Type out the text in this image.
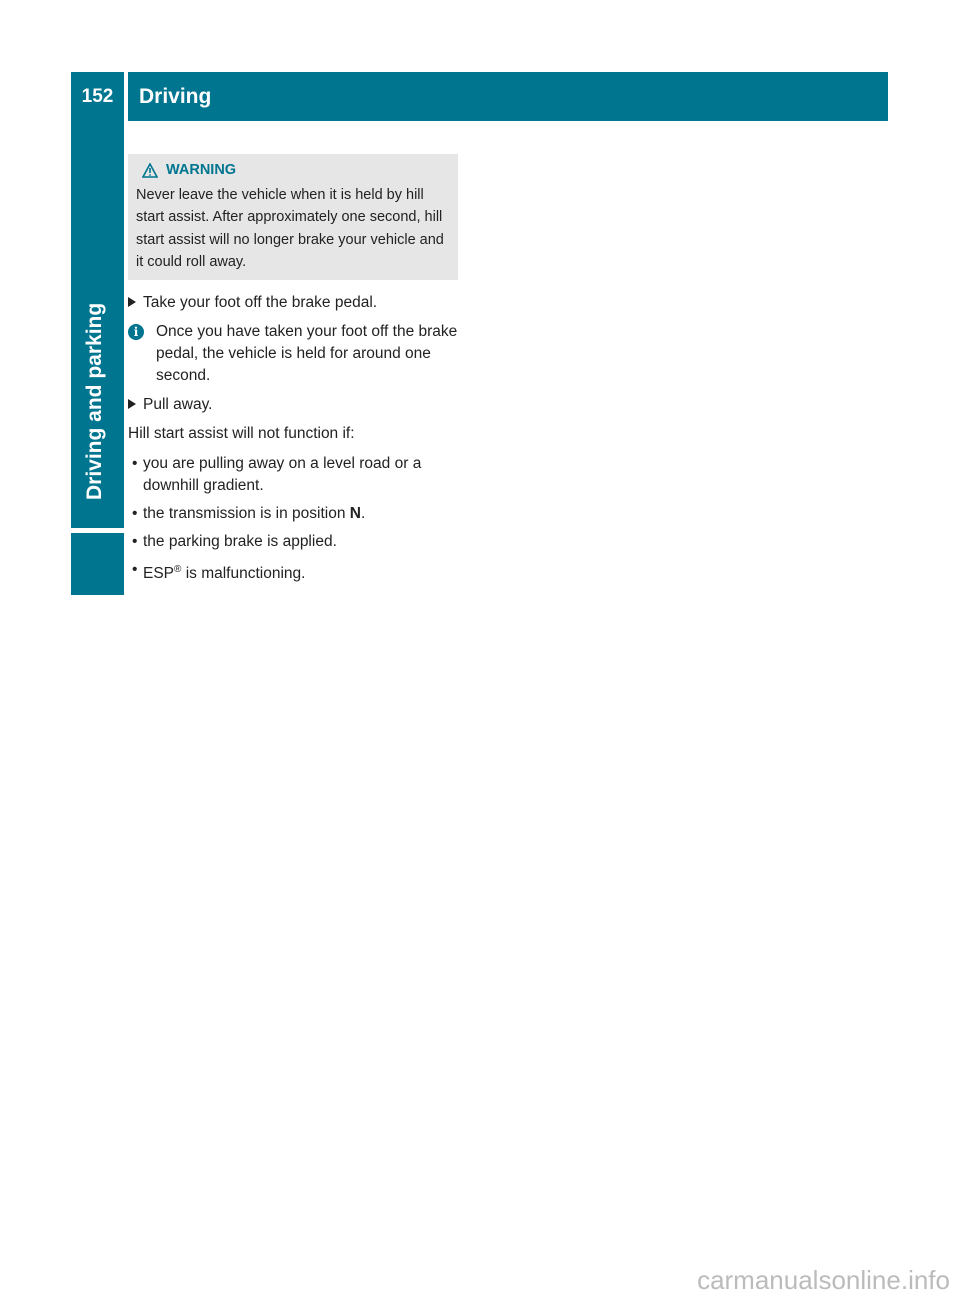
152	Driving
Driving and parking
WARNING
Never leave the vehicle when it is held by hill start assist. After approximately one second, hill start assist will no longer brake your vehicle and it could roll away.
Take your foot off the brake pedal.
i	Once you have taken your foot off the brake pedal, the vehicle is held for around one second.
Pull away.
Hill start assist will not function if:
• you are pulling away on a level road or a downhill gradient.
• the transmission is in position N.
• the parking brake is applied.
• ESP® is malfunctioning.
carmanualsonline.info
